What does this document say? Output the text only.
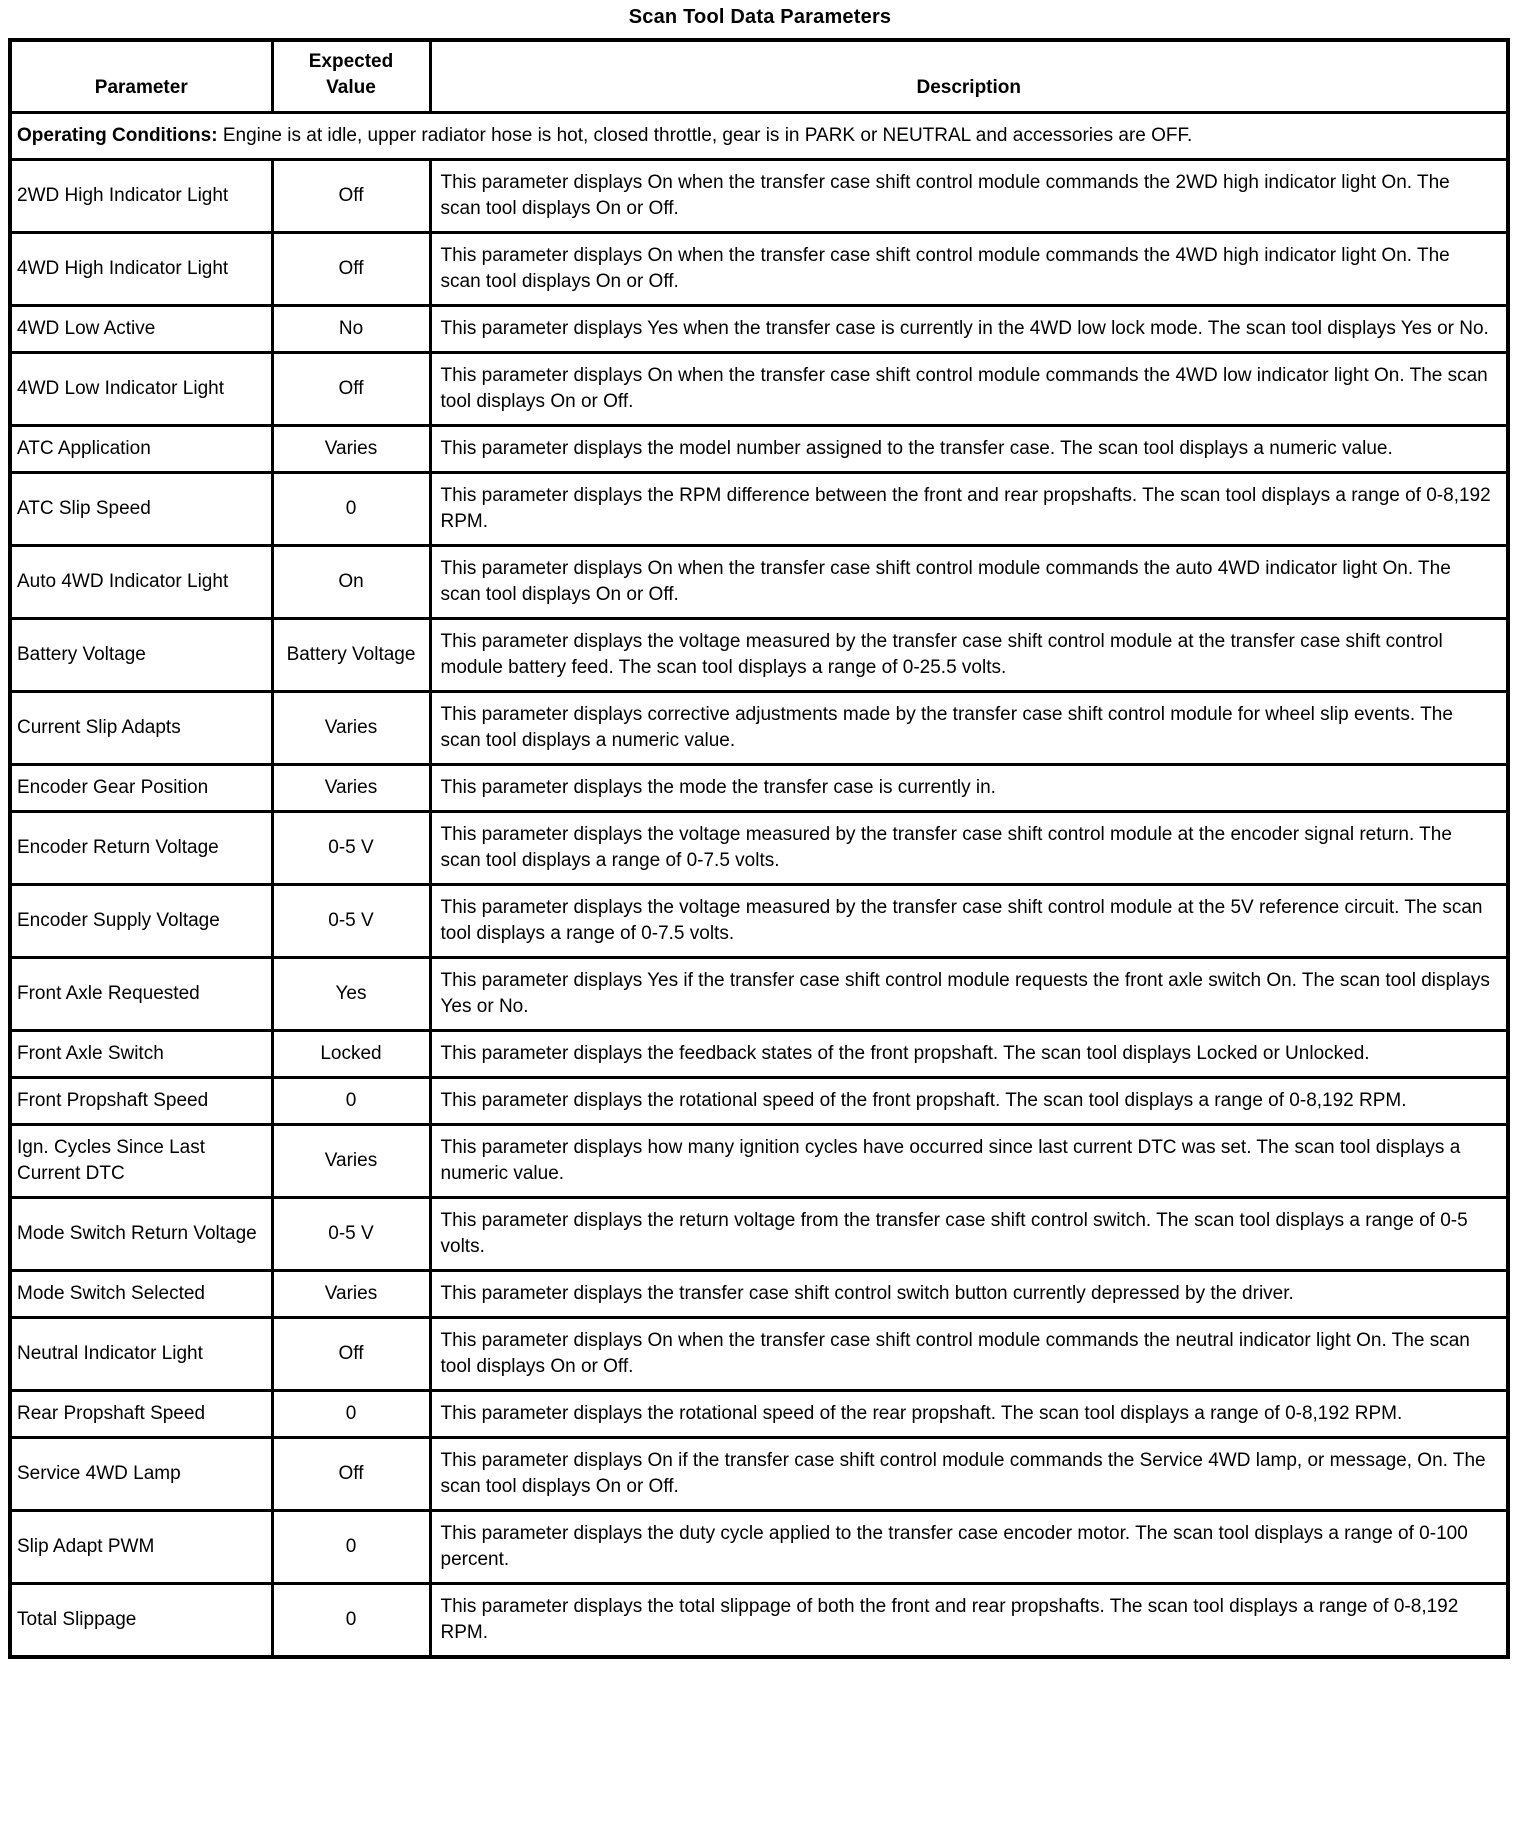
Scan Tool Data Parameters
Parameter	Expected Value	Description

Operating Conditions: Engine is at idle, upper radiator hose is hot, closed throttle, gear is in PARK or NEUTRAL and accessories are OFF.		
2WD High Indicator Light	Off	This parameter displays On when the transfer case shift control module commands the 2WD high indicator light On. The scan tool displays On or Off.
4WD High Indicator Light	Off	This parameter displays On when the transfer case shift control module commands the 4WD high indicator light On. The scan tool displays On or Off.
4WD Low Active	No	This parameter displays Yes when the transfer case is currently in the 4WD low lock mode. The scan tool displays Yes or No.
4WD Low Indicator Light	Off	This parameter displays On when the transfer case shift control module commands the 4WD low indicator light On. The scan tool displays On or Off.
ATC Application	Varies	This parameter displays the model number assigned to the transfer case. The scan tool displays a numeric value.
ATC Slip Speed	0	This parameter displays the RPM difference between the front and rear propshafts. The scan tool displays a range of 0-8,192 RPM.
Auto 4WD Indicator Light	On	This parameter displays On when the transfer case shift control module commands the auto 4WD indicator light On. The scan tool displays On or Off.
Battery Voltage	Battery Voltage	This parameter displays the voltage measured by the transfer case shift control module at the transfer case shift control module battery feed. The scan tool displays a range of 0-25.5 volts.
Current Slip Adapts	Varies	This parameter displays corrective adjustments made by the transfer case shift control module for wheel slip events. The scan tool displays a numeric value.
Encoder Gear Position	Varies	This parameter displays the mode the transfer case is currently in.
Encoder Return Voltage	0-5 V	This parameter displays the voltage measured by the transfer case shift control module at the encoder signal return. The scan tool displays a range of 0-7.5 volts.
Encoder Supply Voltage	0-5 V	This parameter displays the voltage measured by the transfer case shift control module at the 5V reference circuit. The scan tool displays a range of 0-7.5 volts.
Front Axle Requested	Yes	This parameter displays Yes if the transfer case shift control module requests the front axle switch On. The scan tool displays Yes or No.
Front Axle Switch	Locked	This parameter displays the feedback states of the front propshaft. The scan tool displays Locked or Unlocked.
Front Propshaft Speed	0	This parameter displays the rotational speed of the front propshaft. The scan tool displays a range of 0-8,192 RPM.
Ign. Cycles Since Last Current DTC	Varies	This parameter displays how many ignition cycles have occurred since last current DTC was set. The scan tool displays a numeric value.
Mode Switch Return Voltage	0-5 V	This parameter displays the return voltage from the transfer case shift control switch. The scan tool displays a range of 0-5 volts.
Mode Switch Selected	Varies	This parameter displays the transfer case shift control switch button currently depressed by the driver.
Neutral Indicator Light	Off	This parameter displays On when the transfer case shift control module commands the neutral indicator light On. The scan tool displays On or Off.
Rear Propshaft Speed	0	This parameter displays the rotational speed of the rear propshaft. The scan tool displays a range of 0-8,192 RPM.
Service 4WD Lamp	Off	This parameter displays On if the transfer case shift control module commands the Service 4WD lamp, or message, On. The scan tool displays On or Off.
Slip Adapt PWM	0	This parameter displays the duty cycle applied to the transfer case encoder motor. The scan tool displays a range of 0-100 percent.
Total Slippage	0	This parameter displays the total slippage of both the front and rear propshafts. The scan tool displays a range of 0-8,192 RPM.
